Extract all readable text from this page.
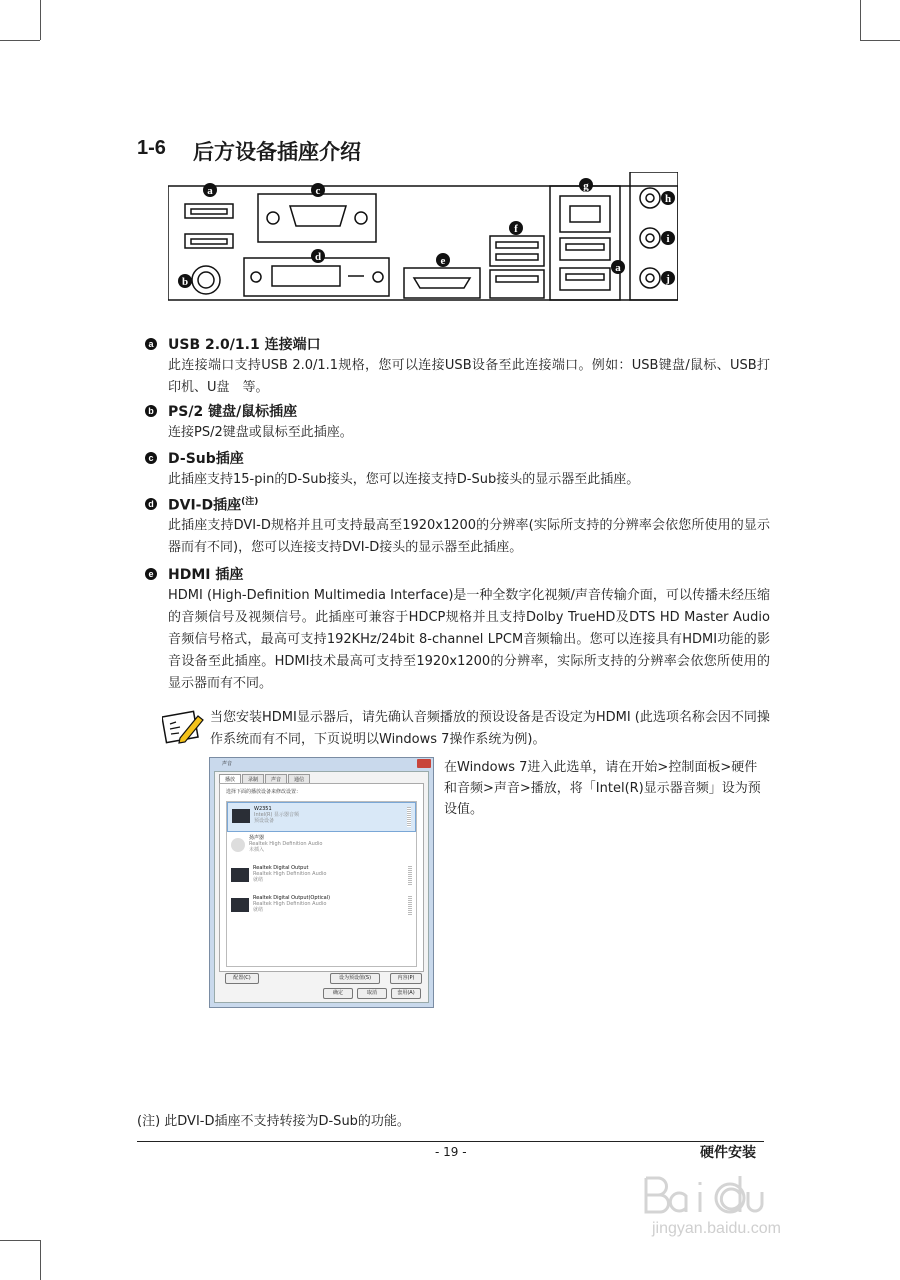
1-6 后方设备插座介绍
a
b
c
d	e
f
g
h
i
j
a
a USB 2.0/1.1 连接端口
此连接端口支持USB 2.0/1.1规格，您可以连接USB设备至此连接端口。例如：USB键盘/鼠标、USB打印机、U盘　等。
b PS/2 键盘/鼠标插座
连接PS/2键盘或鼠标至此插座。
c D-Sub插座
此插座支持15-pin的D-Sub接头，您可以连接支持D-Sub接头的显示器至此插座。
d DVI-D插座$^{(注)}$
此插座支持DVI-D规格并且可支持最高至1920x1200的分辨率(实际所支持的分辨率会依您所使用的显示器而有不同)，您可以连接支持DVI-D接头的显示器至此插座。
e HDMI 插座
HDMI (High-Definition Multimedia Interface)是一种全数字化视频/声音传输介面，可以传播未经压缩的音频信号及视频信号。此插座可兼容于HDCP规格并且支持Dolby TrueHD及DTS HD Master Audio音频信号格式，最高可支持192KHz/24bit 8-channel LPCM音频输出。您可以连接具有HDMI功能的影音设备至此插座。HDMI技术最高可支持至1920x1200的分辨率，实际所支持的分辨率会依您所使用的显示器而有不同。
当您安装HDMI显示器后，请先确认音频播放的预设设备是否设定为HDMI (此选项名称会因不同操作系统而有不同，下页说明以Windows 7操作系统为例)。
声音
播放	录制	声音	通信
选择下面的播放设备来修改设置：
W2351
Intel(R) 显示器音频
预设设备
扬声器
Realtek High Definition Audio
未插入
Realtek Digital Output
Realtek High Definition Audio
就绪
Realtek Digital Output(Optical)
Realtek High Definition Audio
就绪
配置(C)	设为预设值(S)	内容(P)
确定	取消	套用(A)
在Windows 7进入此选单，请在开始>控制面板>硬件和音频>声音>播放，将「Intel(R)显示器音频」设为预设值。
(注) 此DVI-D插座不支持转接为D-Sub的功能。
- 19 -	硬件安装
jingyan.baidu.com
